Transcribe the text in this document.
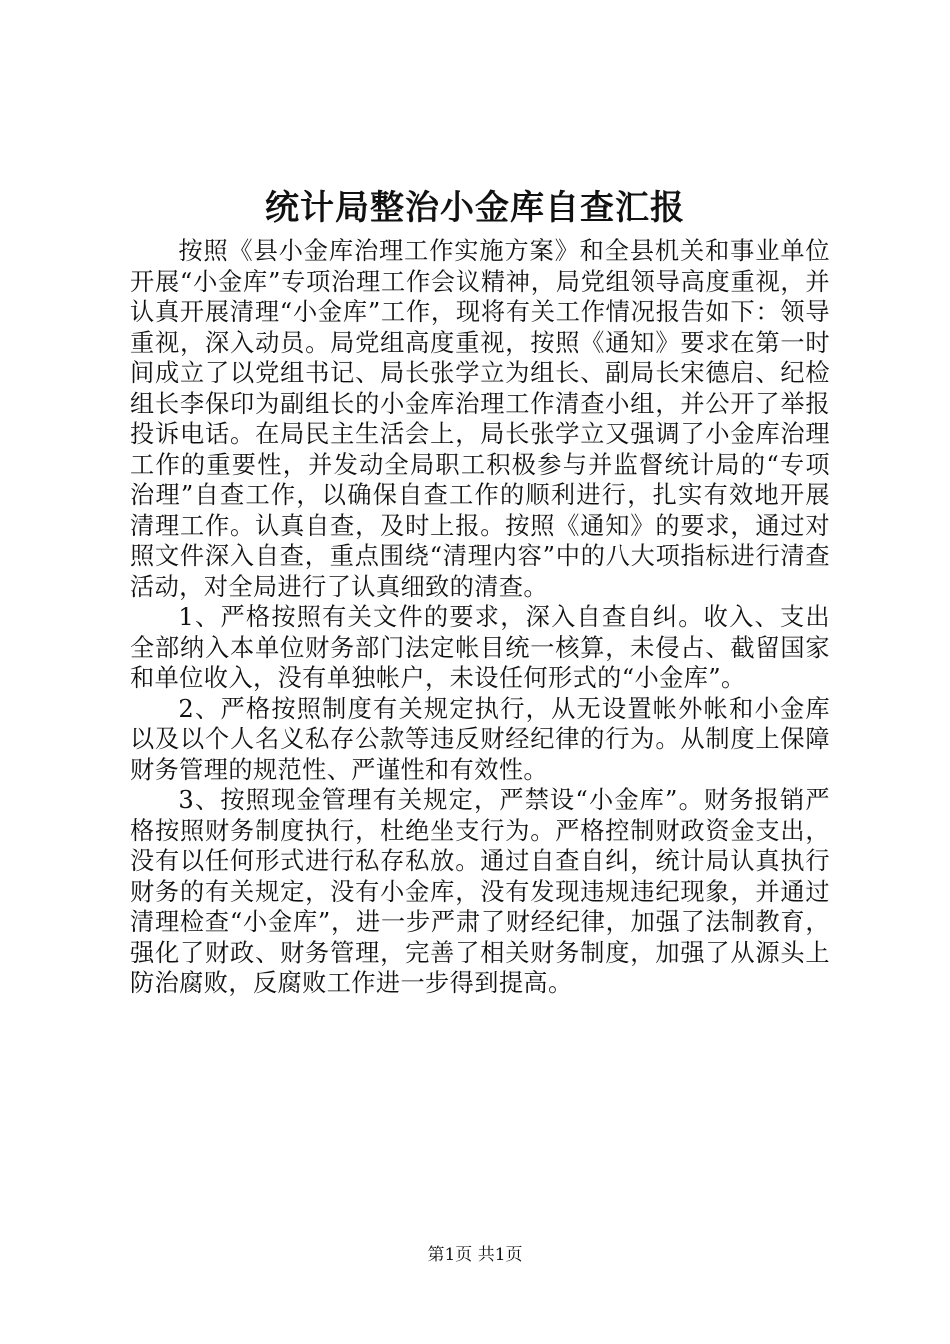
统计局整治小金库自查汇报

按照《县小金库治理工作实施方案》和全县机关和事业单位开展“小金库”专项治理工作会议精神，局党组领导高度重视，并认真开展清理“小金库”工作，现将有关工作情况报告如下：领导重视，深入动员。局党组高度重视，按照《通知》要求在第一时间成立了以党组书记、局长张学立为组长、副局长宋德启、纪检组长李保印为副组长的小金库治理工作清查小组，并公开了举报投诉电话。在局民主生活会上，局长张学立又强调了小金库治理工作的重要性，并发动全局职工积极参与并监督统计局的“专项治理”自查工作，以确保自查工作的顺利进行，扎实有效地开展清理工作。认真自查，及时上报。按照《通知》的要求，通过对照文件深入自查，重点围绕“清理内容”中的八大项指标进行清查活动，对全局进行了认真细致的清查。

1、严格按照有关文件的要求，深入自查自纠。收入、支出全部纳入本单位财务部门法定帐目统一核算，未侵占、截留国家和单位收入，没有单独帐户，未设任何形式的“小金库”。

2、严格按照制度有关规定执行，从无设置帐外帐和小金库以及以个人名义私存公款等违反财经纪律的行为。从制度上保障财务管理的规范性、严谨性和有效性。

3、按照现金管理有关规定，严禁设“小金库”。财务报销严格按照财务制度执行，杜绝坐支行为。严格控制财政资金支出，没有以任何形式进行私存私放。通过自查自纠，统计局认真执行财务的有关规定，没有小金库，没有发现违规违纪现象，并通过清理检查“小金库”，进一步严肃了财经纪律，加强了法制教育，强化了财政、财务管理，完善了相关财务制度，加强了从源头上防治腐败，反腐败工作进一步得到提高。

第1页 共1页
